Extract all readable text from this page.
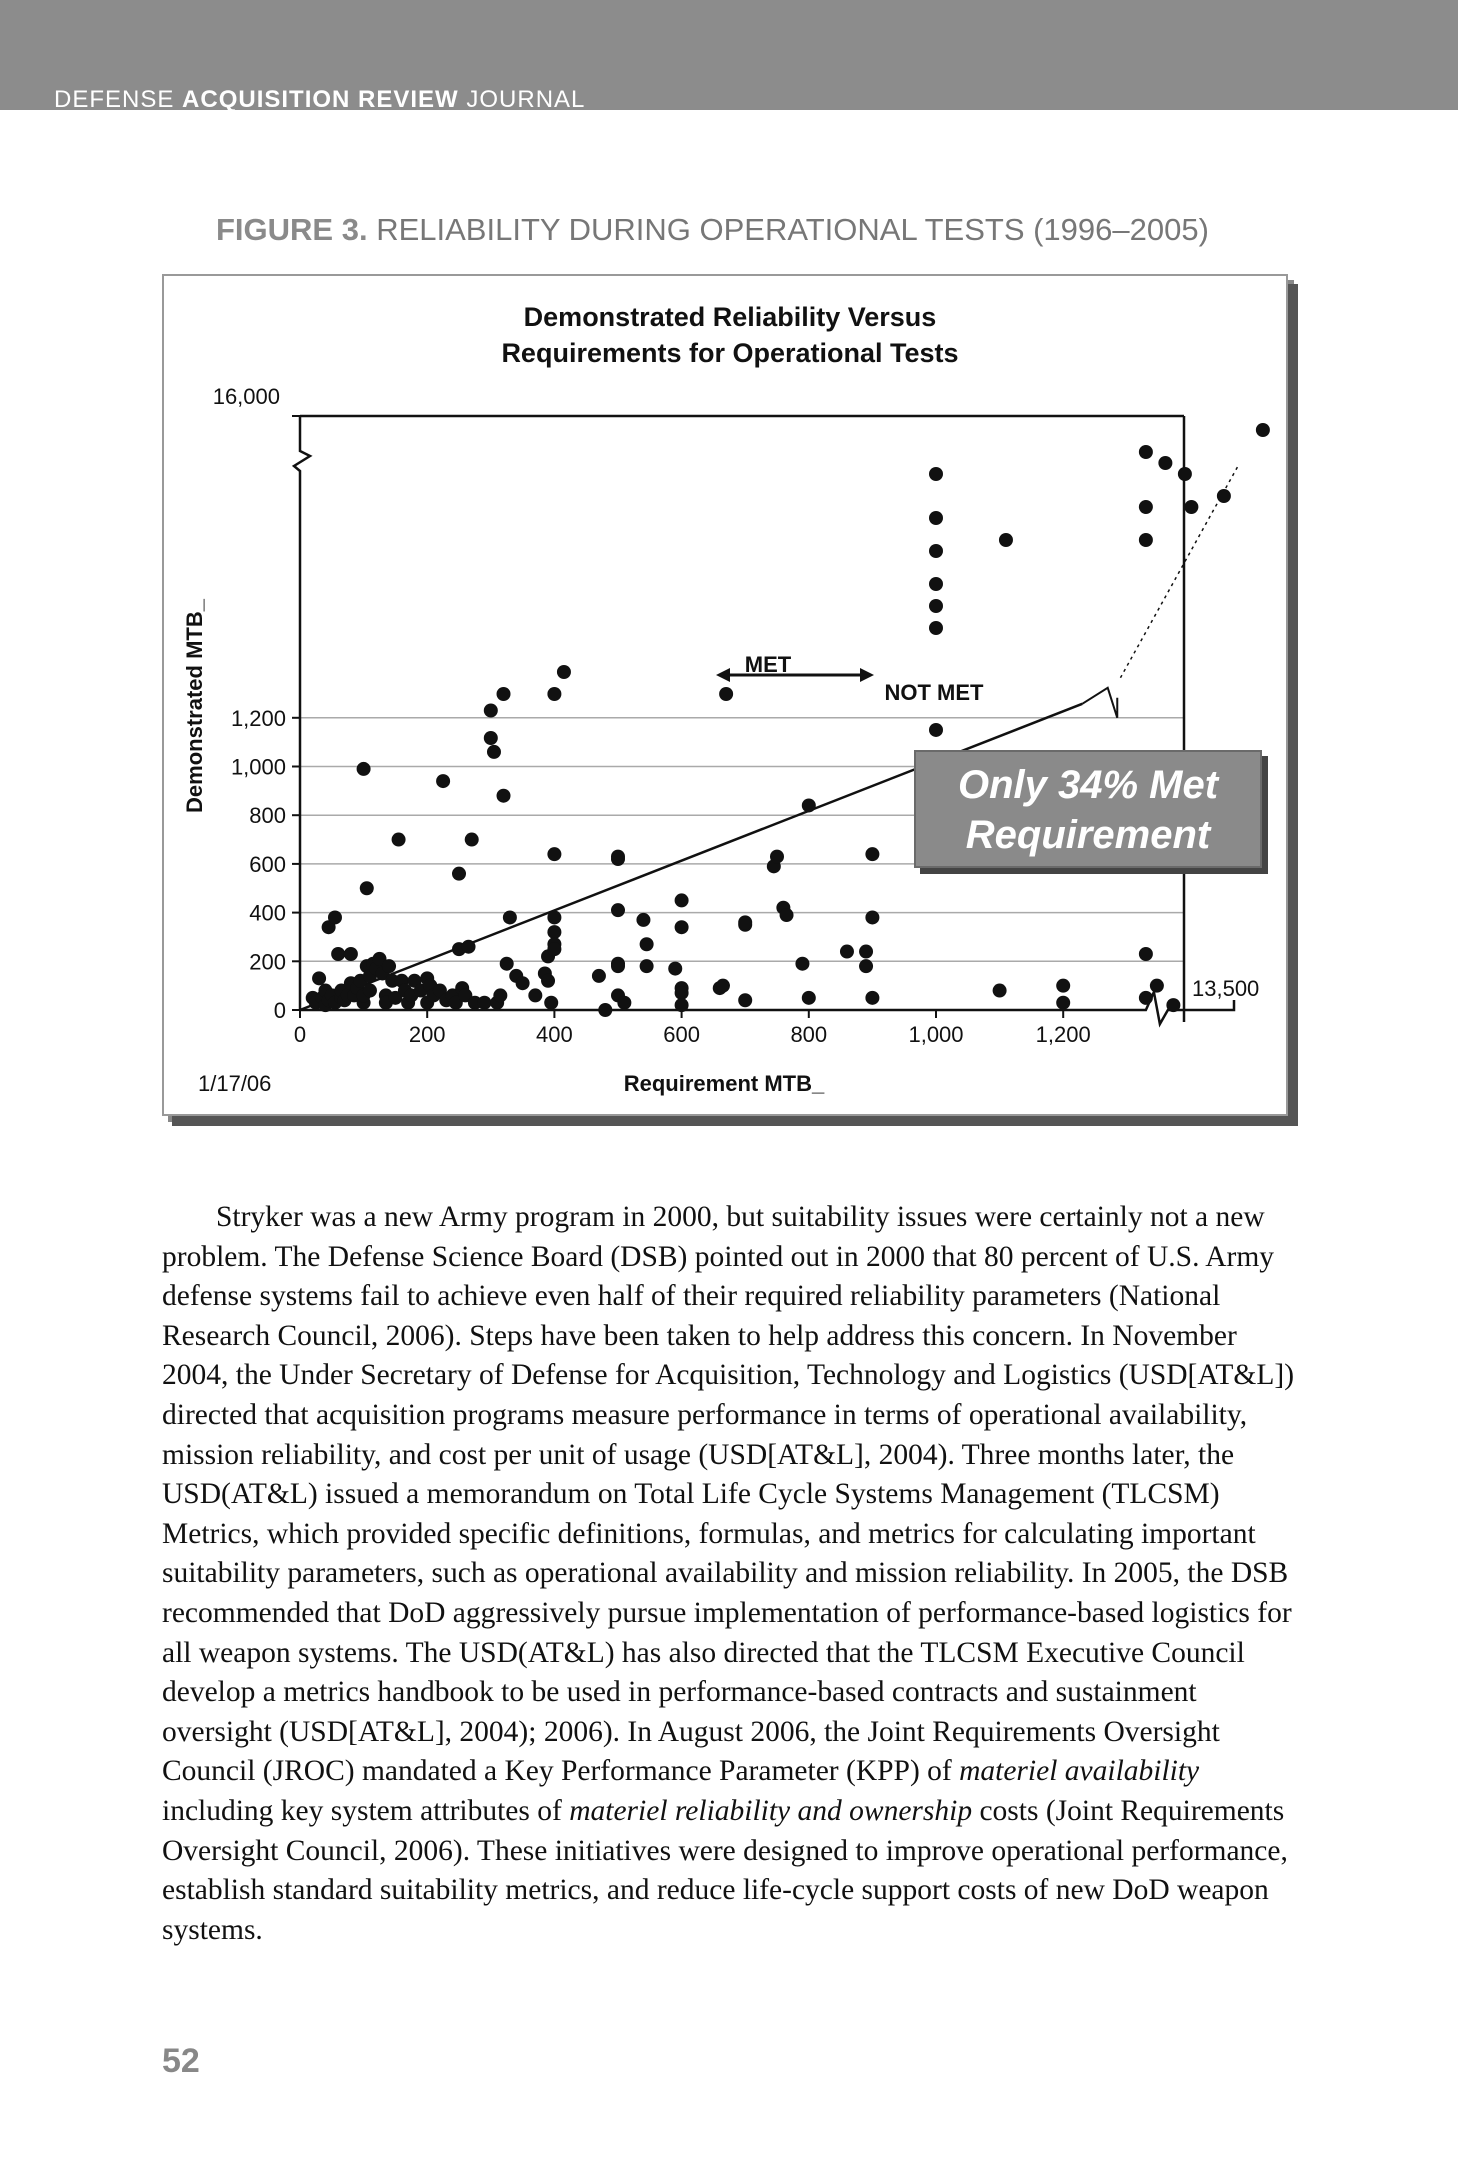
DEFENSE ACQUISITION REVIEW JOURNAL
FIGURE 3. RELIABILITY DURING OPERATIONAL TESTS (1996–2005)
0
200
400
600
800
1,000
1,200
0	200	400	600	800	1,000	1,200
Demonstrated Reliability Versus
Requirements for Operational Tests
16,000
13,500
MET
NOT MET
Demonstrated MTB_
Requirement MTB_
1/17/06
Only 34% Met
Requirement

Stryker was a new Army program in 2000, but suitability issues were certainly not a new problem. The Defense Science Board (DSB) pointed out in 2000 that 80 percent of U.S. Army defense systems fail to achieve even half of their required reliability parameters (National Research Council, 2006). Steps have been taken to help address this concern. In November 2004, the Under Secretary of Defense for Acquisition, Technology and Logistics (USD[AT&L]) directed that acquisition programs measure performance in terms of operational availability, mission reliability, and cost per unit of usage (USD[AT&L], 2004). Three months later, the USD(AT&L) issued a memorandum on Total Life Cycle Systems Management (TLCSM) Metrics, which provided specific definitions, formulas, and metrics for calculating important suitability parameters, such as operational availability and mission reliability. In 2005, the DSB recommended that DoD aggressively pursue implementation of performance-based logistics for all weapon systems. The USD(AT&L) has also directed that the TLCSM Executive Council develop a metrics handbook to be used in performance-based contracts and sustainment oversight (USD[AT&L], 2004); 2006). In August 2006, the Joint Requirements Oversight Council (JROC) mandated a Key Performance Parameter (KPP) of materiel availability including key system attributes of materiel reliability and ownership costs (Joint Requirements Oversight Council, 2006). These initiatives were designed to improve operational performance, establish standard suitability metrics, and reduce life-cycle support costs of new DoD weapon systems.

52
